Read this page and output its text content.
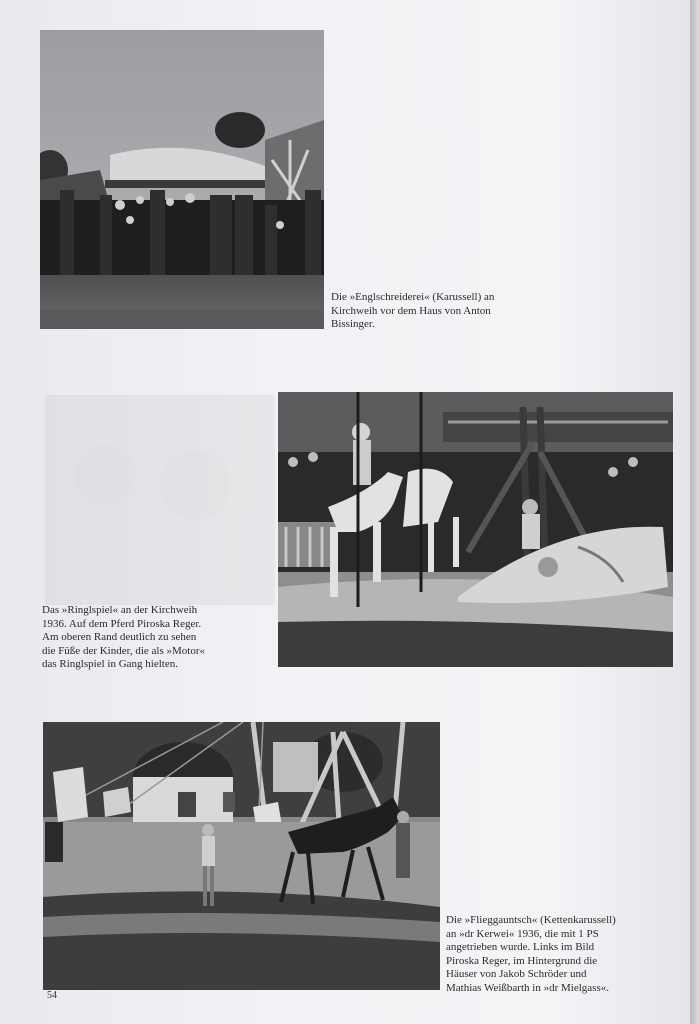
Die »Englschreiderei« (Karussell) an
Kirchweih vor dem Haus von Anton
Bissinger.
Das »Ringlspiel« an der Kirchweih
1936. Auf dem Pferd Piroska Reger.
Am oberen Rand deutlich zu sehen
die Füße der Kinder, die als »Motor«
das Ringlspiel in Gang hielten.
Die »Fliegga‌untsch« (Kettenkarussell)
an »dr Kerwei« 1936, die mit 1 PS
angetrieben wurde. Links im Bild
Piroska Reger, im Hintergrund die
Häuser von Jakob Schröder und
Mathias Weißbarth in »dr Mielgass«.
54
